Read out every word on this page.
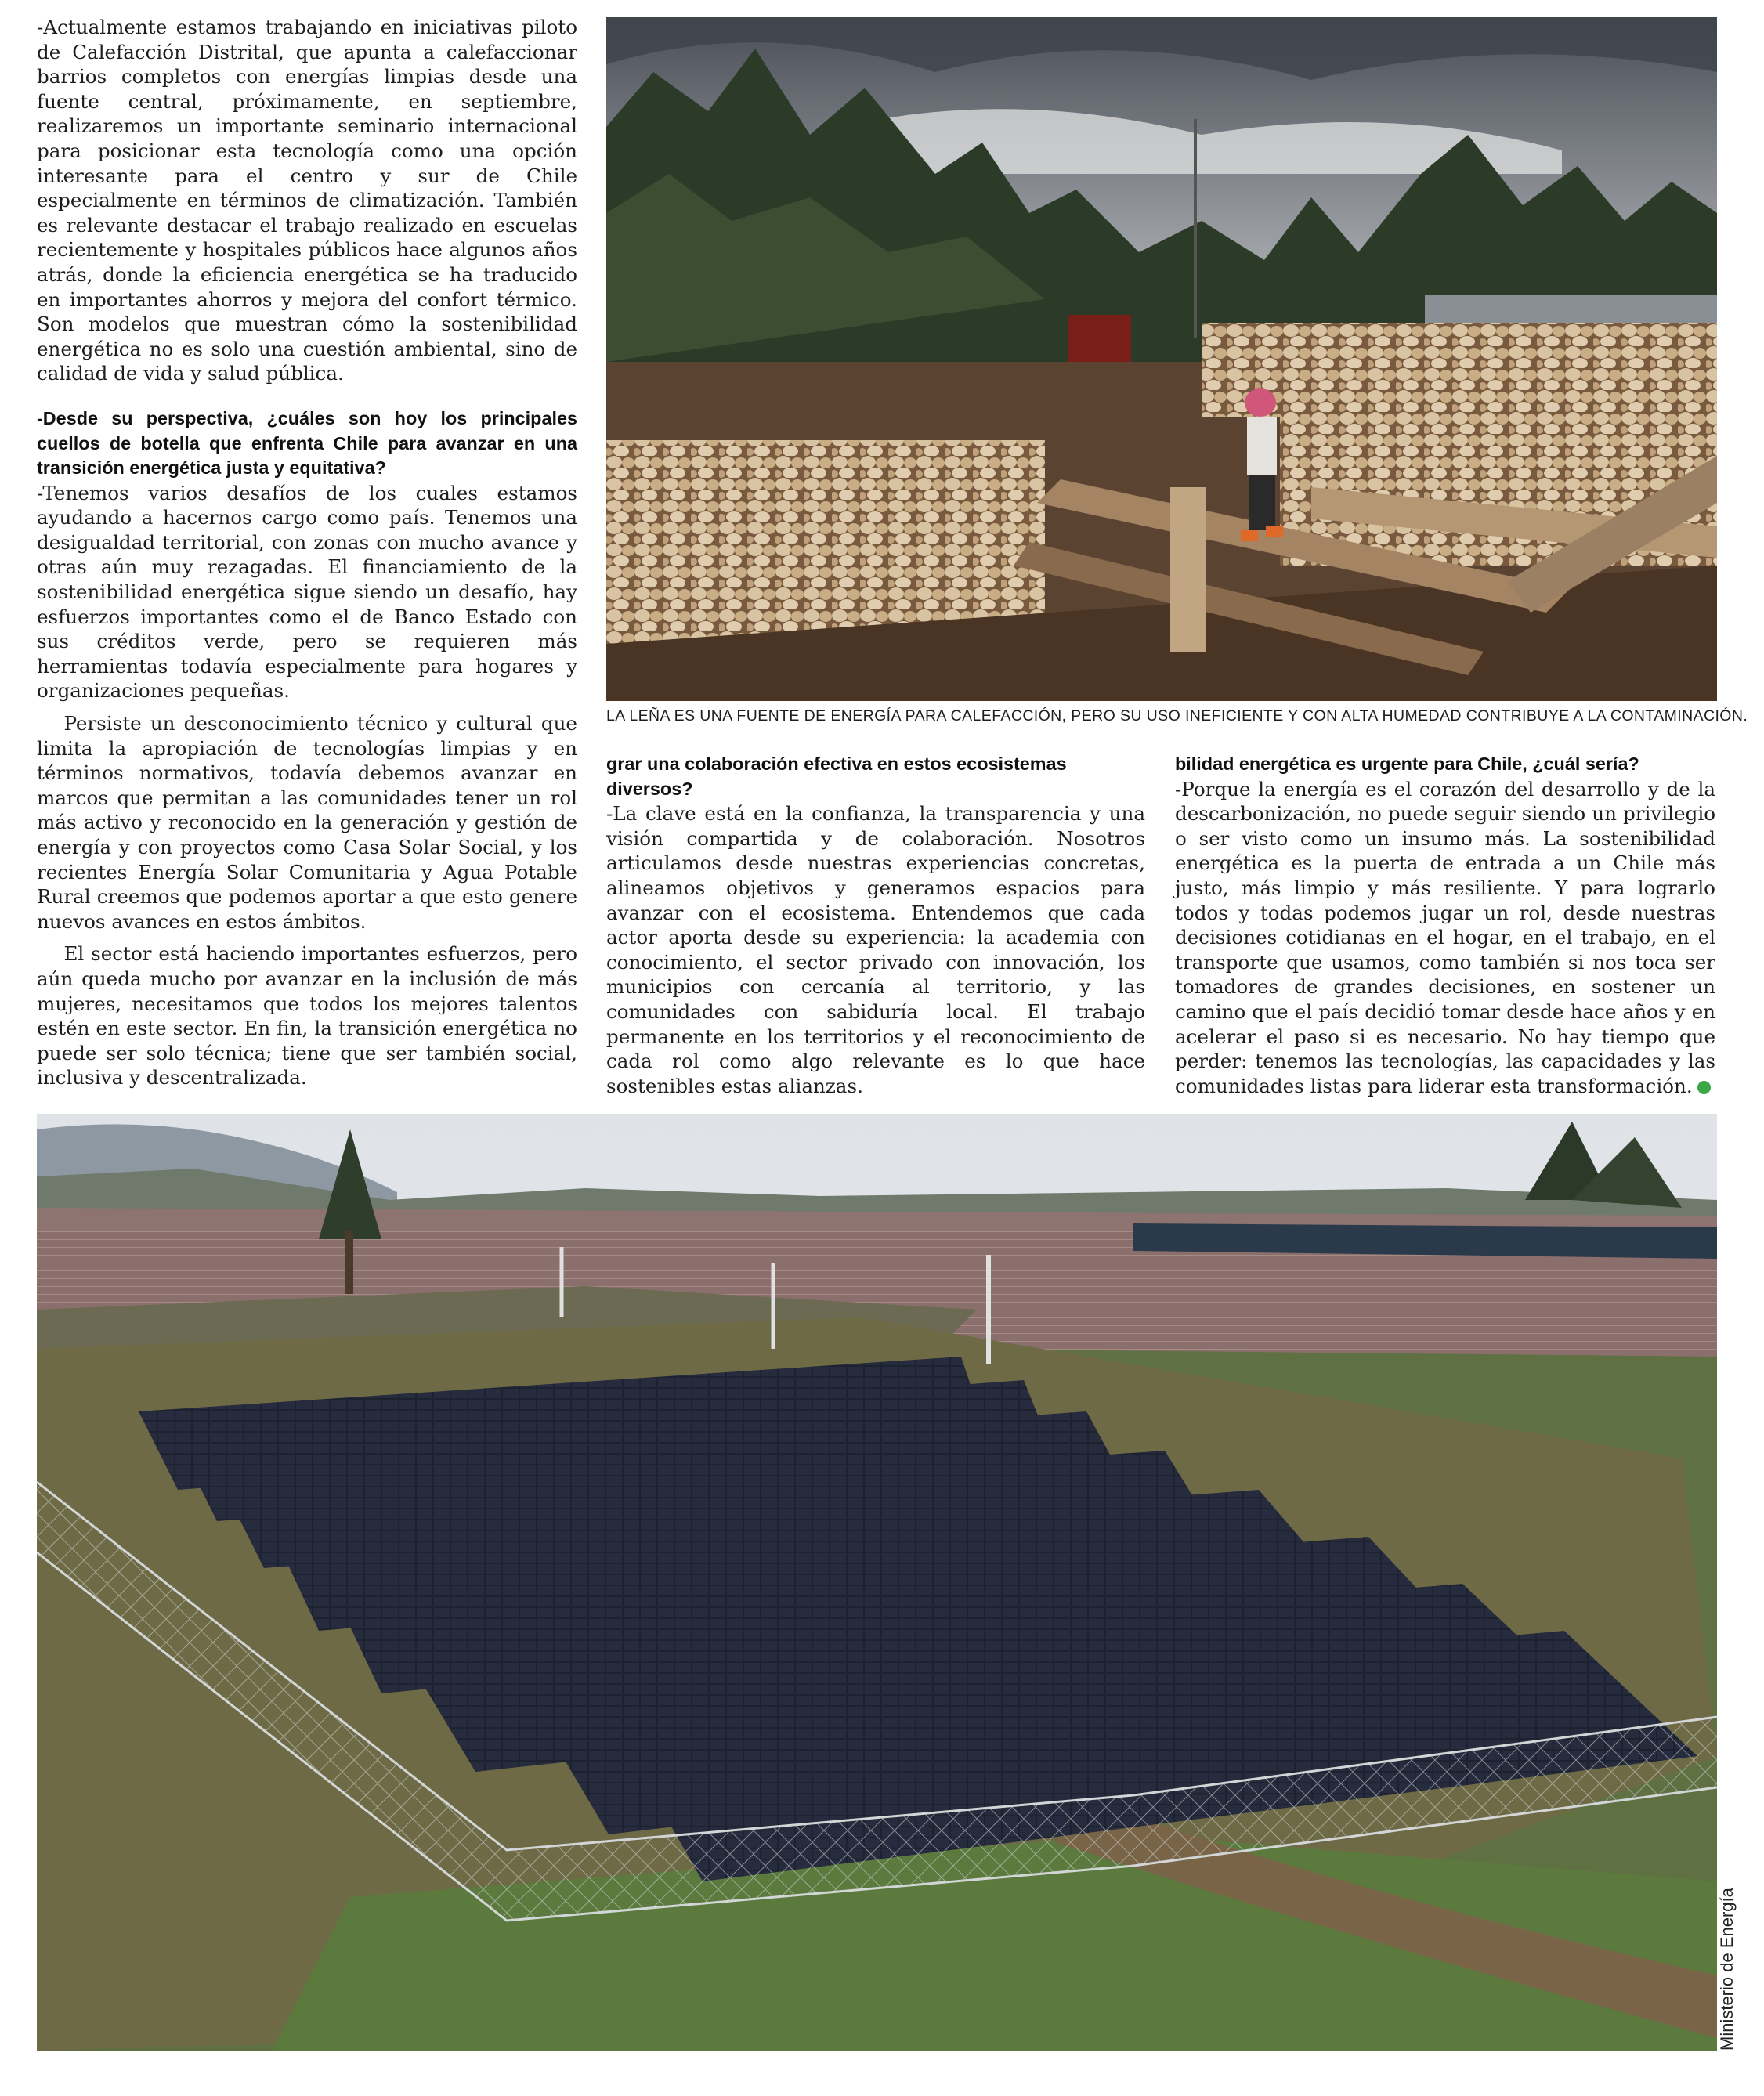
-Actualmente estamos trabajando en iniciativas piloto de Calefacción Distrital, que apunta a calefaccionar barrios completos con energías limpias desde una fuente central, próximamente, en septiembre, realizaremos un importante seminario internacional para posicionar esta tecnología como una opción interesante para el centro y sur de Chile especialmente en términos de climatización. También es relevante destacar el trabajo realizado en escuelas recientemente y hospitales públicos hace algunos años atrás, donde la eficiencia energética se ha traducido en importantes ahorros y mejora del confort térmico. Son modelos que muestran cómo la sostenibilidad energética no es solo una cuestión ambiental, sino de calidad de vida y salud pública.

-Desde su perspectiva, ¿cuáles son hoy los principales cuellos de botella que enfrenta Chile para avanzar en una transición energética justa y equitativa?

-Tenemos varios desafíos de los cuales estamos ayudando a hacernos cargo como país. Tenemos una desigualdad territorial, con zonas con mucho avance y otras aún muy rezagadas. El financiamiento de la sostenibilidad energética sigue siendo un desafío, hay esfuerzos importantes como el de Banco Estado con sus créditos verde, pero se requieren más herramientas todavía especialmente para hogares y organizaciones pequeñas.

Persiste un desconocimiento técnico y cultural que limita la apropiación de tecnologías limpias y en términos normativos, todavía debemos avanzar en marcos que permitan a las comunidades tener un rol más activo y reconocido en la generación y gestión de energía y con proyectos como Casa Solar Social, y los recientes Energía Solar Comunitaria y Agua Potable Rural creemos que podemos aportar a que esto genere nuevos avances en estos ámbitos.

El sector está haciendo importantes esfuerzos, pero aún queda mucho por avanzar en la inclusión de más mujeres, necesitamos que todos los mejores talentos estén en este sector. En fin, la transición energética no puede ser solo técnica; tiene que ser también social, inclusiva y descentralizada.

LA LEÑA ES UNA FUENTE DE ENERGÍA PARA CALEFACCIÓN, PERO SU USO INEFICIENTE Y CON ALTA HUMEDAD CONTRIBUYE A LA CONTAMINACIÓN.

grar una colaboración efectiva en estos ecosistemas diversos?

-La clave está en la confianza, la transparencia y una visión compartida y de colaboración. Nosotros articulamos desde nuestras experiencias concretas, alineamos objetivos y generamos espacios para avanzar con el ecosistema. Entendemos que cada actor aporta desde su experiencia: la academia con conocimiento, el sector privado con innovación, los municipios con cercanía al territorio, y las comunidades con sabiduría local. El trabajo permanente en los territorios y el reconocimiento de cada rol como algo relevante es lo que hace sostenibles estas alianzas.

bilidad energética es urgente para Chile, ¿cuál sería?

-Porque la energía es el corazón del desarrollo y de la descarbonización, no puede seguir siendo un privilegio o ser visto como un insumo más. La sostenibilidad energética es la puerta de entrada a un Chile más justo, más limpio y más resiliente. Y para lograrlo todos y todas podemos jugar un rol, desde nuestras decisiones cotidianas en el hogar, en el trabajo, en el transporte que usamos, como también si nos toca ser tomadores de grandes decisiones, en sostener un camino que el país decidió tomar desde hace años y en acelerar el paso si es necesario. No hay tiempo que perder: tenemos las tecnologías, las capacidades y las comunidades listas para liderar esta transformación.

Ministerio de Energía
